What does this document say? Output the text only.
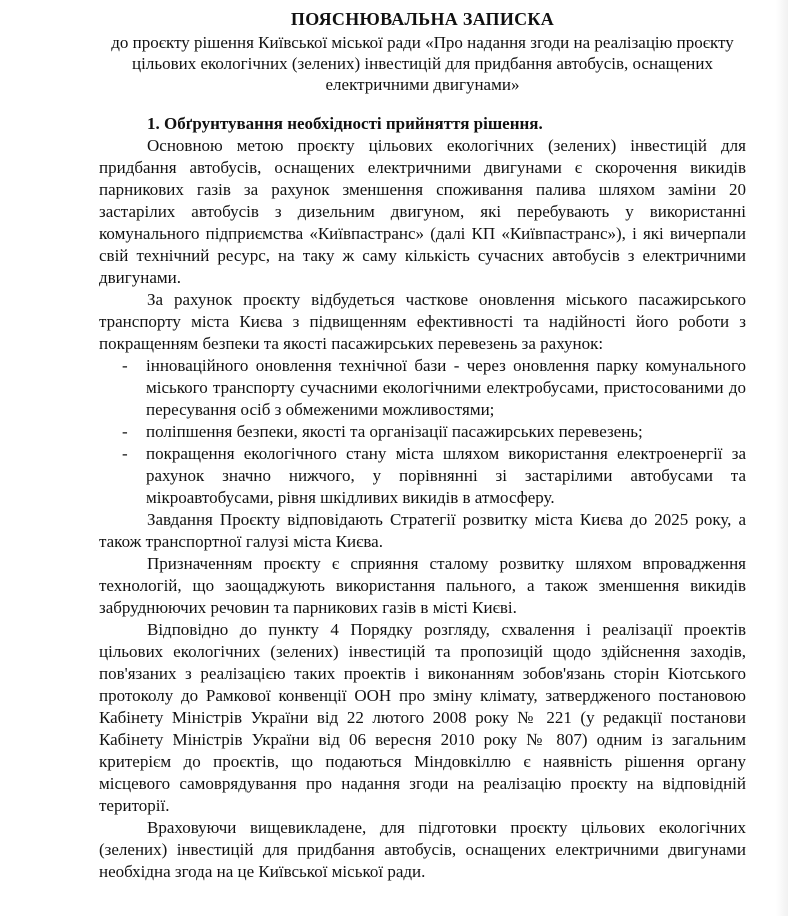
ПОЯСНЮВАЛЬНА ЗАПИСКА
до проєкту рішення Київської міської ради «Про надання згоди на реалізацію проєкту цільових екологічних (зелених) інвестицій для придбання автобусів, оснащених електричними двигунами»
1. Обґрунтування необхідності прийняття рішення.

Основною метою проєкту цільових екологічних (зелених) інвестицій для придбання автобусів, оснащених електричними двигунами є скорочення викидів парникових газів за рахунок зменшення споживання палива шляхом заміни 20 застарілих автобусів з дизельним двигуном, які перебувають у використанні комунального підприємства «Київпастранс» (далі КП «Київпастранс»), і які вичерпали свій технічний ресурс, на таку ж саму кількість сучасних автобусів з електричними двигунами.

За рахунок проєкту відбудеться часткове оновлення міського пасажирського транспорту міста Києва з підвищенням ефективності та надійності його роботи з покращенням безпеки та якості пасажирських перевезень за рахунок:

- інноваційного оновлення технічної бази - через оновлення парку комунального міського транспорту сучасними екологічними електробусами, пристосованими до пересування осіб з обмеженими можливостями;
- поліпшення безпеки, якості та організації пасажирських перевезень;
- покращення екологічного стану міста шляхом використання електроенергії за рахунок значно нижчого, у порівнянні зі застарілими автобусами та мікроавтобусами, рівня шкідливих викидів в атмосферу.

Завдання Проєкту відповідають Стратегії розвитку міста Києва до 2025 року, а також транспортної галузі міста Києва.

Призначенням проєкту є сприяння сталому розвитку шляхом впровадження технологій, що заощаджують використання пального, а також зменшення викидів забруднюючих речовин та парникових газів в місті Києві.

Відповідно до пункту 4 Порядку розгляду, схвалення і реалізації проектів цільових екологічних (зелених) інвестицій та пропозицій щодо здійснення заходів, пов'язаних з реалізацією таких проектів і виконанням зобов'язань сторін Кіотського протоколу до Рамкової конвенції ООН про зміну клімату, затвердженого постановою Кабінету Міністрів України від 22 лютого 2008 року № 221 (у редакції постанови Кабінету Міністрів України від 06 вересня 2010 року № 807) одним із загальним критерієм до проєктів, що подаються Міндовкіллю є наявність рішення органу місцевого самоврядування про надання згоди на реалізацію проєкту на відповідній території.

Враховуючи вищевикладене, для підготовки проєкту цільових екологічних (зелених) інвестицій для придбання автобусів, оснащених електричними двигунами необхідна згода на це Київської міської ради.
